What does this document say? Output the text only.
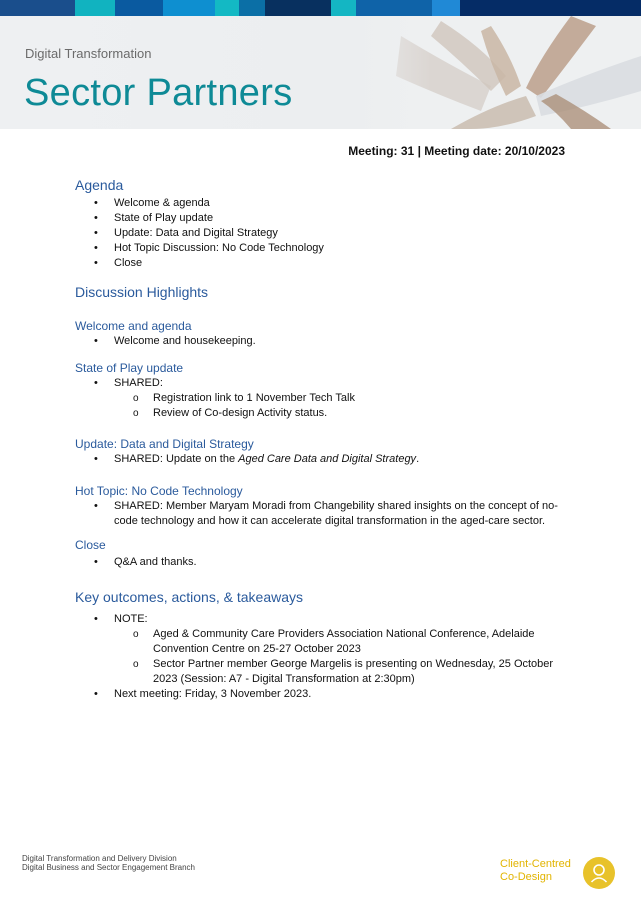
Digital Transformation
Sector Partners
Meeting: 31 | Meeting date: 20/10/2023
Agenda
• Welcome & agenda
• State of Play update
• Update: Data and Digital Strategy
• Hot Topic Discussion: No Code Technology
• Close
Discussion Highlights
Welcome and agenda
• Welcome and housekeeping.
State of Play update
• SHARED:
o Registration link to 1 November Tech Talk
o Review of Co-design Activity status.
Update: Data and Digital Strategy
• SHARED: Update on the Aged Care Data and Digital Strategy.
Hot Topic: No Code Technology
• SHARED: Member Maryam Moradi from Changebility shared insights on the concept of no-code technology and how it can accelerate digital transformation in the aged-care sector.
Close
• Q&A and thanks.
Key outcomes, actions, & takeaways
• NOTE:
o Aged & Community Care Providers Association National Conference, Adelaide Convention Centre on 25-27 October 2023
o Sector Partner member George Margelis is presenting on Wednesday, 25 October 2023 (Session: A7 - Digital Transformation at 2:30pm)
• Next meeting: Friday, 3 November 2023.
Digital Transformation and Delivery Division
Digital Business and Sector Engagement Branch	Client-Centred
Co-Design
